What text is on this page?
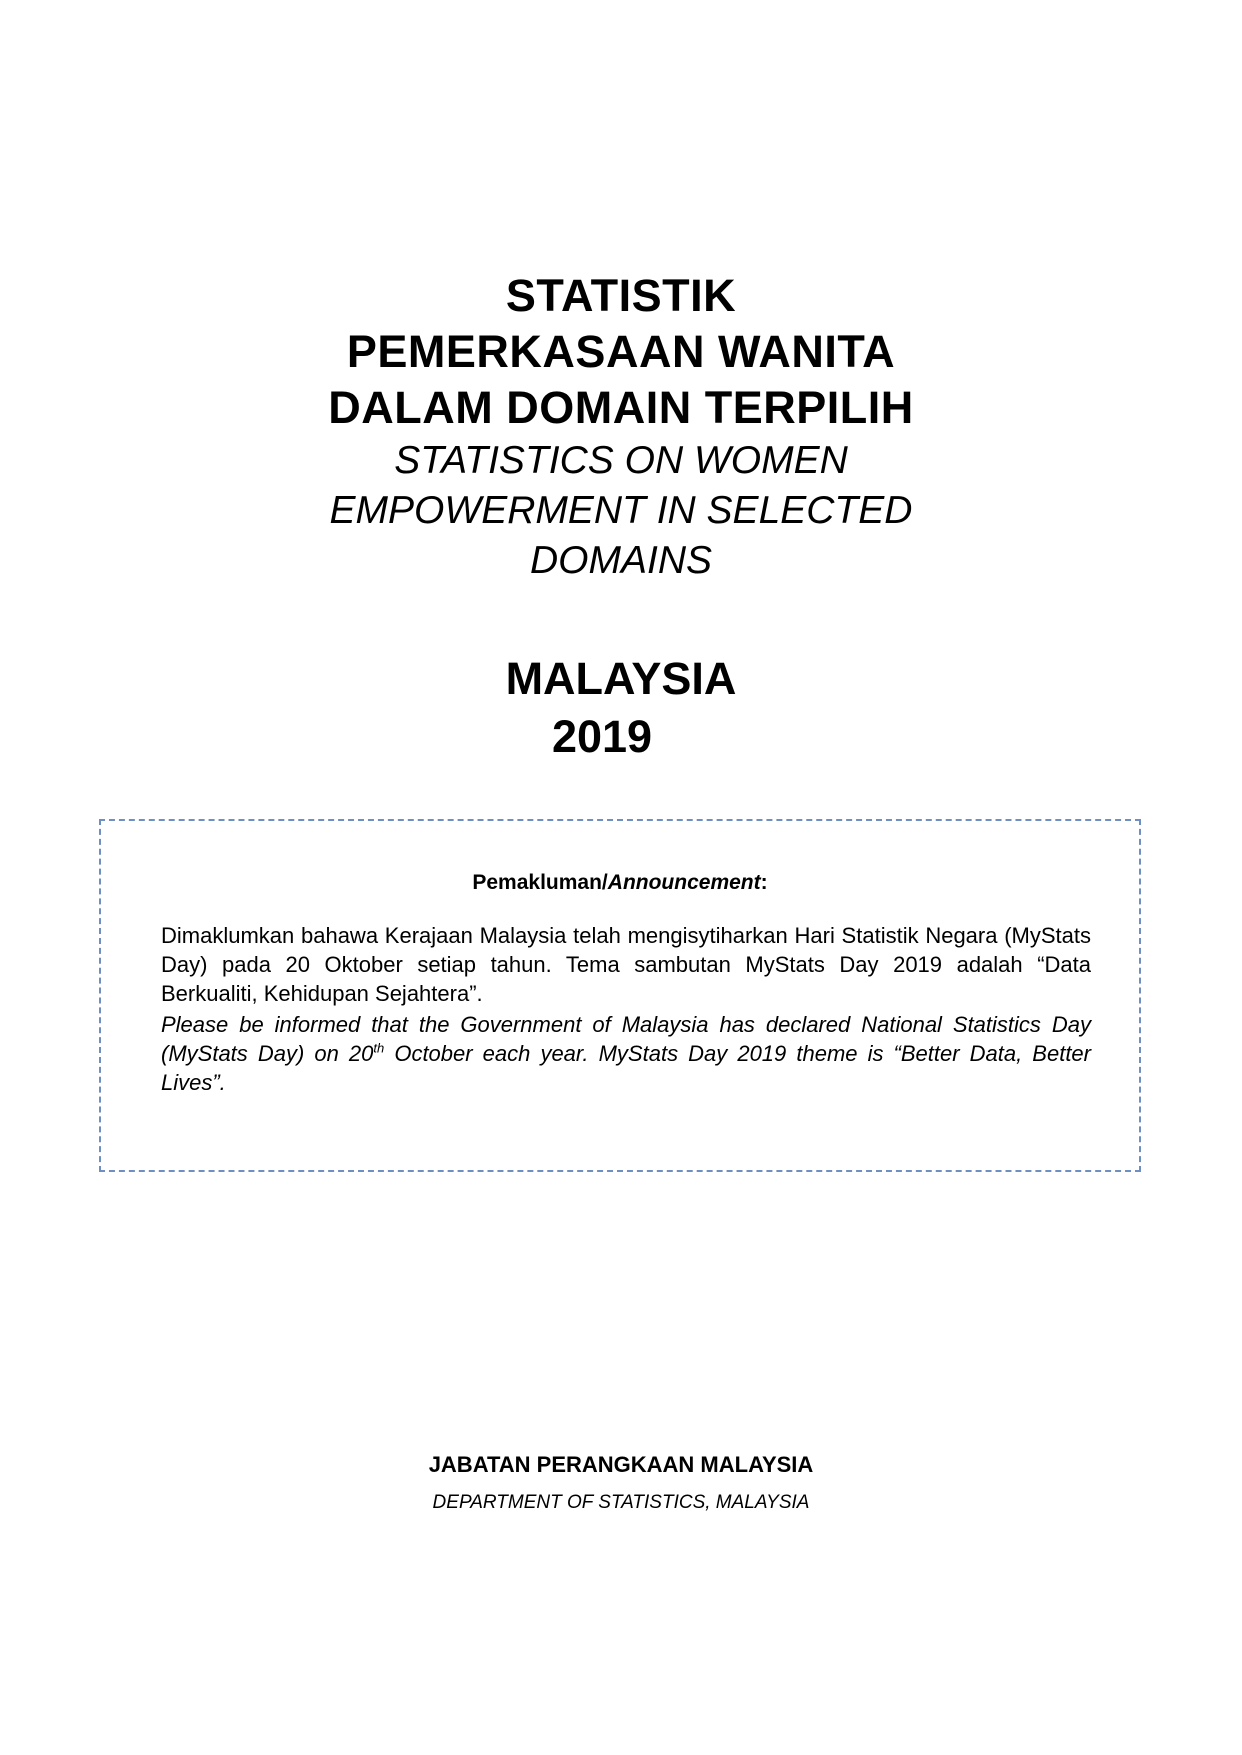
STATISTIK
PEMERKASAAN WANITA
DALAM DOMAIN TERPILIH
STATISTICS ON WOMEN
EMPOWERMENT IN SELECTED
DOMAINS
MALAYSIA
2019
Pemakluman/Announcement:
Dimaklumkan bahawa Kerajaan Malaysia telah mengisytiharkan Hari Statistik Negara (MyStats Day) pada 20 Oktober setiap tahun. Tema sambutan MyStats Day 2019 adalah “Data Berkualiti, Kehidupan Sejahtera”.
Please be informed that the Government of Malaysia has declared National Statistics Day (MyStats Day) on 20th October each year. MyStats Day 2019 theme is “Better Data, Better Lives”.
JABATAN PERANGKAAN MALAYSIA
DEPARTMENT OF STATISTICS, MALAYSIA
